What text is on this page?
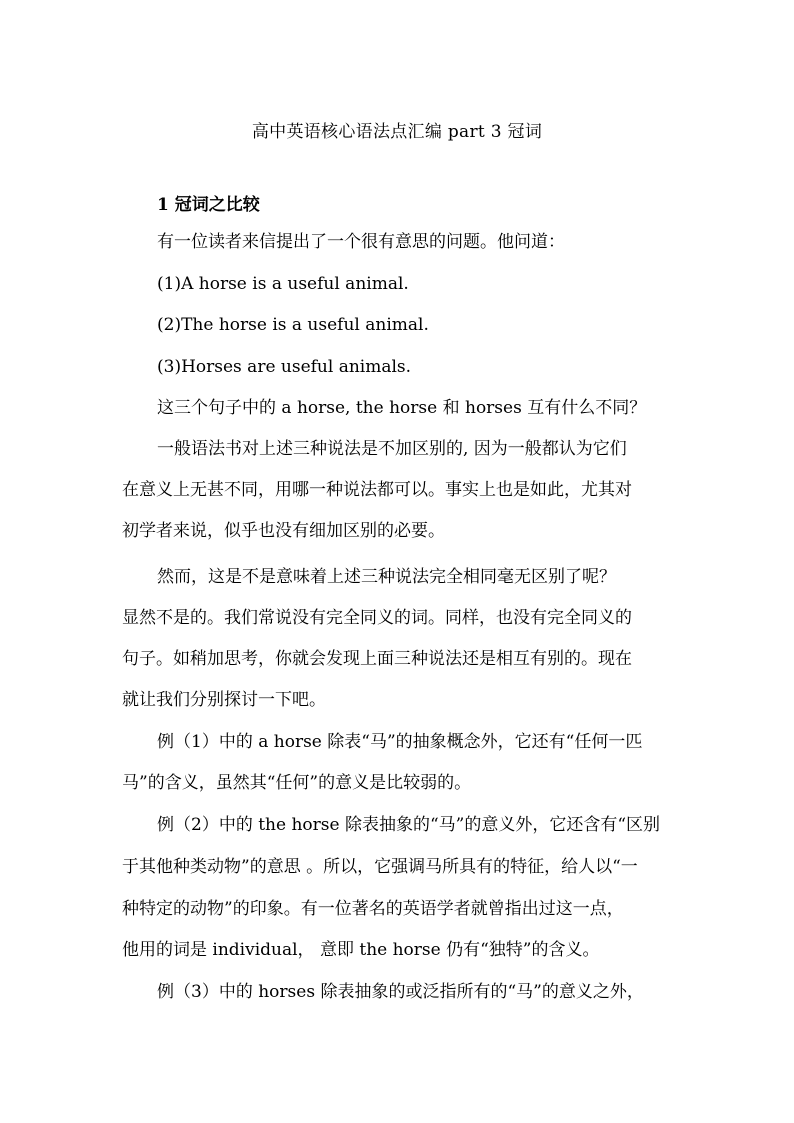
高中英语核心语法点汇编 part 3 冠词
1 冠词之比较
有一位读者来信提出了一个很有意思的问题。他问道：
(1)A horse is a useful animal.
(2)The horse is a useful animal.
(3)Horses are useful animals.
这三个句子中的 a horse, the horse 和 horses 互有什么不同？
一般语法书对上述三种说法是不加区别的, 因为一般都认为它们
在意义上无甚不同，用哪一种说法都可以。事实上也是如此，尤其对
初学者来说，似乎也没有细加区别的必要。
然而，这是不是意味着上述三种说法完全相同毫无区别了呢？
显然不是的。我们常说没有完全同义的词。同样，也没有完全同义的
句子。如稍加思考，你就会发现上面三种说法还是相互有别的。现在
就让我们分别探讨一下吧。
例（1）中的 a horse 除表“马”的抽象概念外，它还有“任何一匹
马”的含义，虽然其“任何”的意义是比较弱的。
例（2）中的 the horse 除表抽象的“马”的意义外，它还含有“区别
于其他种类动物”的意思 。所以，它强调马所具有的特征，给人以“一
种特定的动物”的印象。有一位著名的英语学者就曾指出过这一点，
他用的词是 individual， 意即 the horse 仍有“独特”的含义。
例（3）中的 horses 除表抽象的或泛指所有的“马”的意义之外，
